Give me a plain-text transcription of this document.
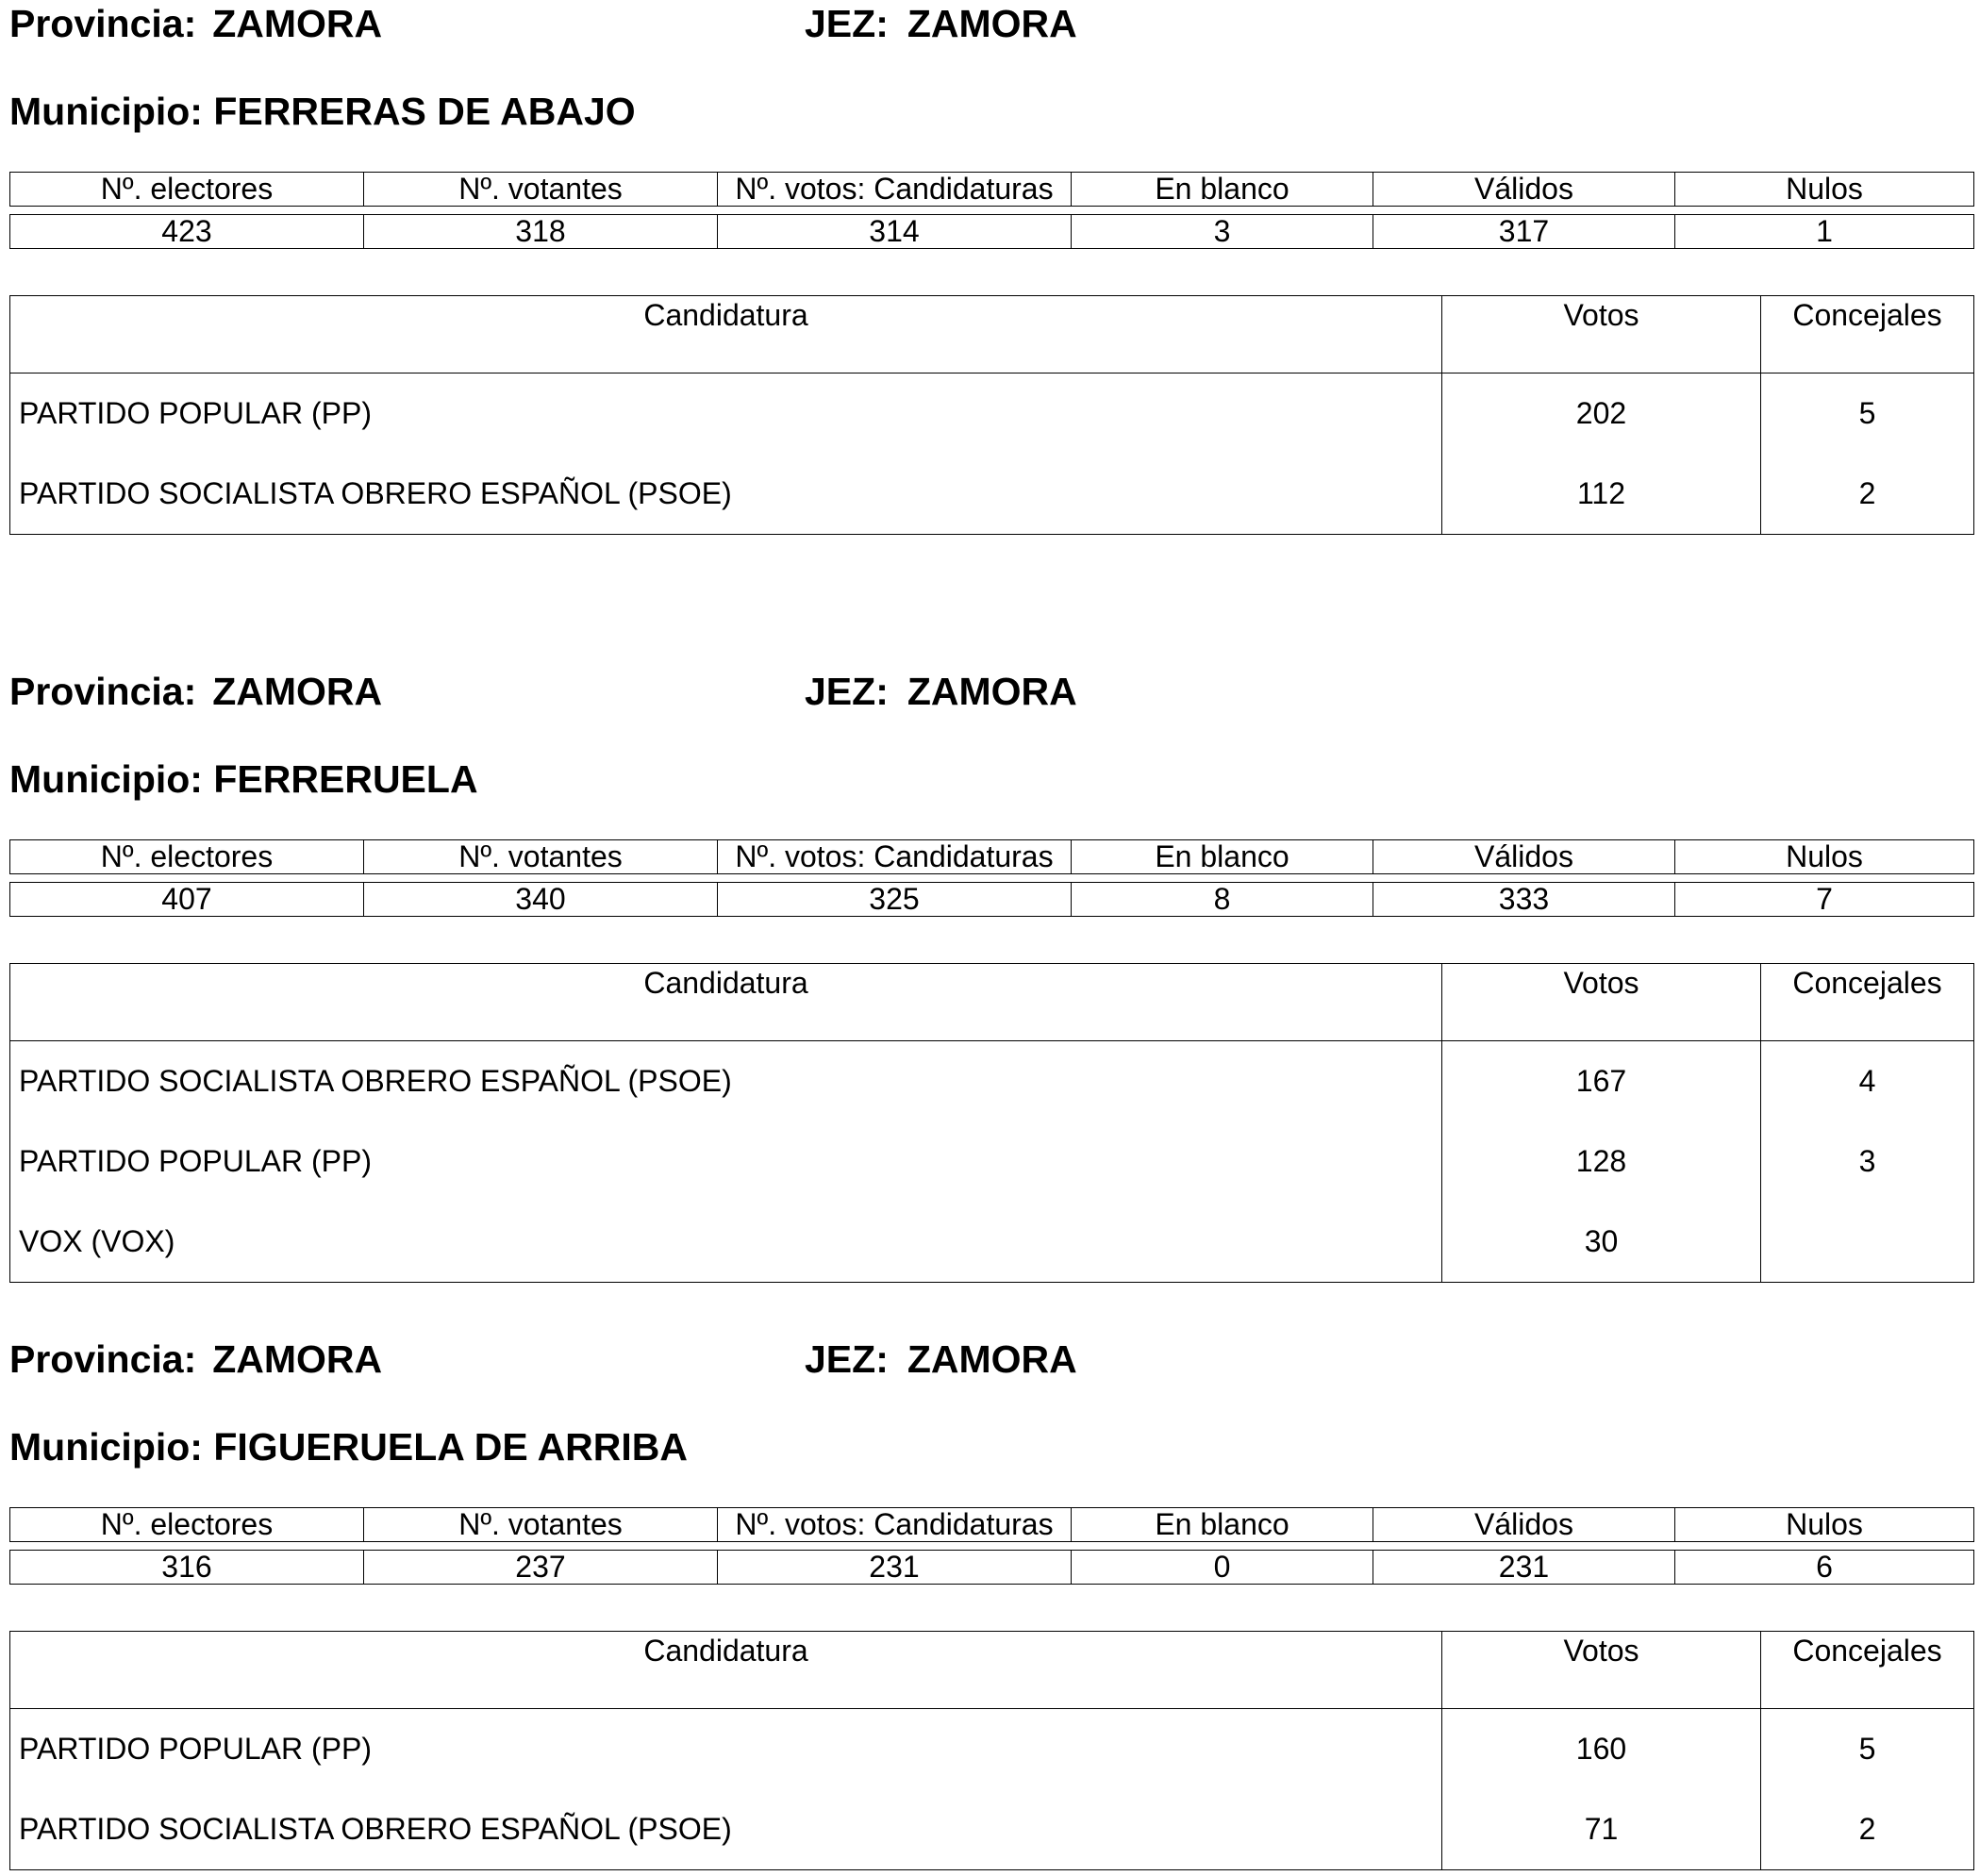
Provincia: ZAMORA	JEZ: ZAMORA
Municipio: FERRERAS DE ABAJO
Nº. electores	Nº. votantes	Nº. votos: Candidaturas	En blanco	Válidos	Nulos

423	318	314	3	317	1
Candidatura	Votos	Concejales
PARTIDO POPULAR (PP)	202	5
PARTIDO SOCIALISTA OBRERO ESPAÑOL (PSOE)	112	2
Provincia: ZAMORA	JEZ: ZAMORA
Municipio: FERRERUELA
Nº. electores	Nº. votantes	Nº. votos: Candidaturas	En blanco	Válidos	Nulos

407	340	325	8	333	7
Candidatura	Votos	Concejales
PARTIDO SOCIALISTA OBRERO ESPAÑOL (PSOE)	167	4
PARTIDO POPULAR (PP)	128	3
VOX (VOX)	30	
Provincia: ZAMORA	JEZ: ZAMORA
Municipio: FIGUERUELA DE ARRIBA
Nº. electores	Nº. votantes	Nº. votos: Candidaturas	En blanco	Válidos	Nulos

316	237	231	0	231	6
Candidatura	Votos	Concejales
PARTIDO POPULAR (PP)	160	5
PARTIDO SOCIALISTA OBRERO ESPAÑOL (PSOE)	71	2
